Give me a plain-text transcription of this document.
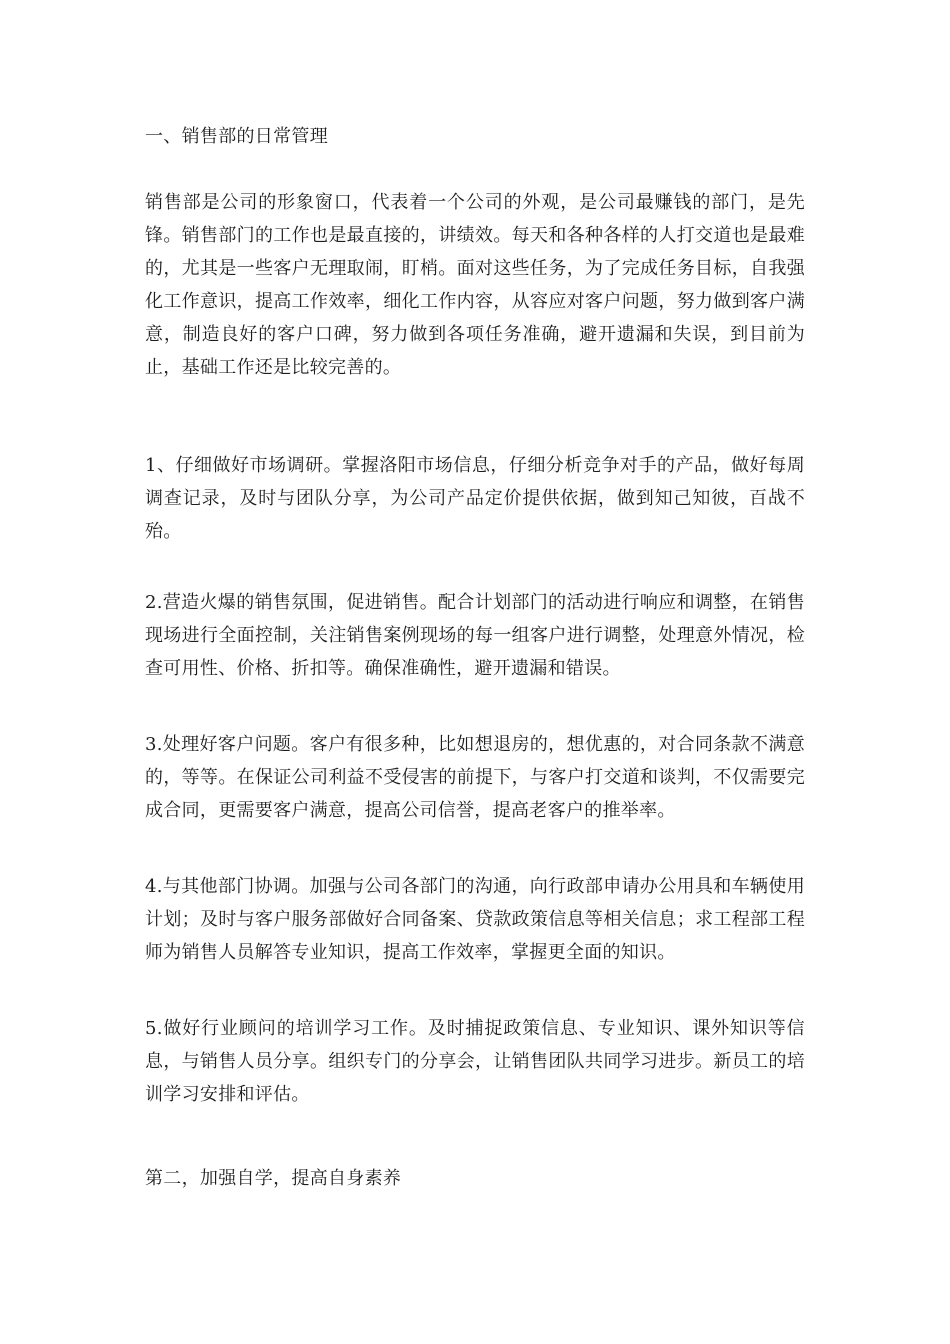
一、销售部的日常管理
销售部是公司的形象窗口，代表着一个公司的外观，是公司最赚钱的部门，是先锋。销售部门的工作也是最直接的，讲绩效。每天和各种各样的人打交道也是最难的，尤其是一些客户无理取闹，盯梢。面对这些任务，为了完成任务目标，自我强化工作意识，提高工作效率，细化工作内容，从容应对客户问题，努力做到客户满意，制造良好的客户口碑，努力做到各项任务准确，避开遗漏和失误，到目前为止，基础工作还是比较完善的。
1、仔细做好市场调研。掌握洛阳市场信息，仔细分析竞争对手的产品，做好每周调查记录，及时与团队分享，为公司产品定价提供依据，做到知己知彼，百战不殆。
2.营造火爆的销售氛围，促进销售。配合计划部门的活动进行响应和调整，在销售现场进行全面控制，关注销售案例现场的每一组客户进行调整，处理意外情况，检查可用性、价格、折扣等。确保准确性，避开遗漏和错误。
3.处理好客户问题。客户有很多种，比如想退房的，想优惠的，对合同条款不满意的，等等。在保证公司利益不受侵害的前提下，与客户打交道和谈判，不仅需要完成合同，更需要客户满意，提高公司信誉，提高老客户的推举率。
4.与其他部门协调。加强与公司各部门的沟通，向行政部申请办公用具和车辆使用计划；及时与客户服务部做好合同备案、贷款政策信息等相关信息；求工程部工程师为销售人员解答专业知识，提高工作效率，掌握更全面的知识。
5.做好行业顾问的培训学习工作。及时捕捉政策信息、专业知识、课外知识等信息，与销售人员分享。组织专门的分享会，让销售团队共同学习进步。新员工的培训学习安排和评估。
第二，加强自学，提高自身素养
